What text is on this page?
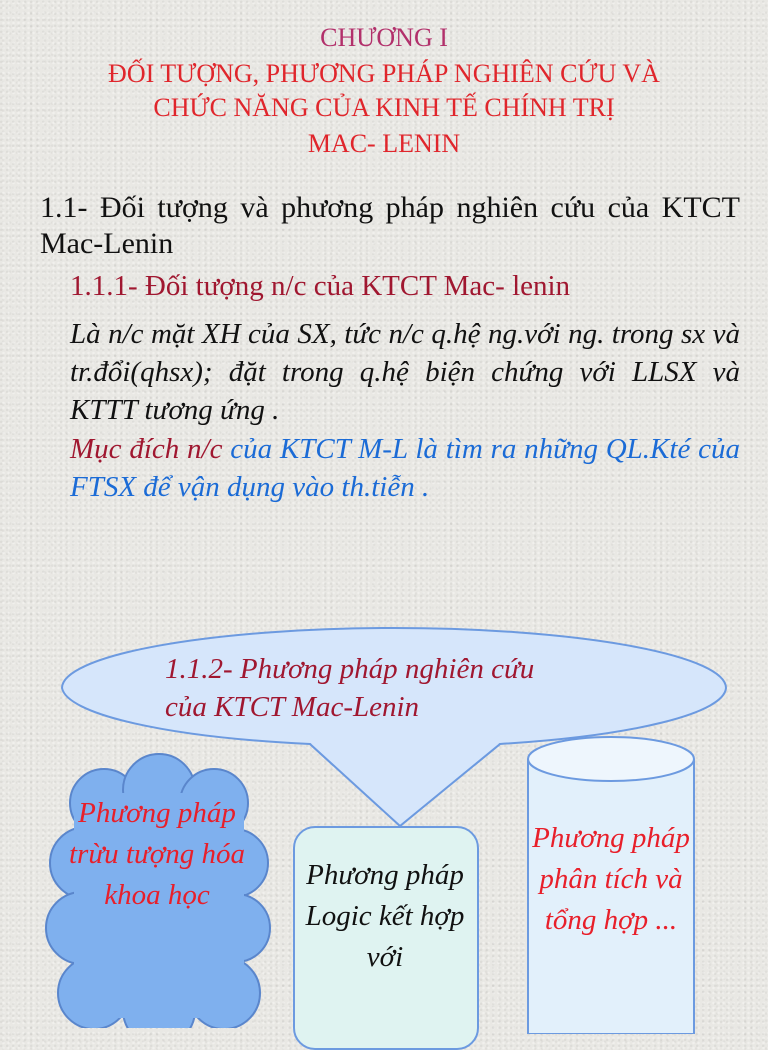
CHƯƠNG I
ĐỐI TƯỢNG, PHƯƠNG PHÁP NGHIÊN CỨU VÀ
CHỨC NĂNG CỦA KINH TẾ CHÍNH TRỊ
MAC- LENIN
1.1- Đối tượng và phương pháp nghiên cứu của KTCT Mac-Lenin
1.1.1- Đối tượng n/c của KTCT Mac- lenin
Là n/c mặt XH của SX, tức n/c q.hệ ng.với ng. trong sx và tr.đổi(qhsx); đặt trong q.hệ biện chứng với LLSX và KTTT tương ứng .
Mục đích n/c của KTCT M-L là tìm ra những QL.Kté của FTSX để vận dụng vào th.tiễn .
1.1.2- Phương pháp nghiên cứu
của KTCT Mac-Lenin
Phương pháp trừu tượng hóa khoa học
Phương pháp Logic kết hợp với
Phương pháp phân tích và tổng hợp ...
